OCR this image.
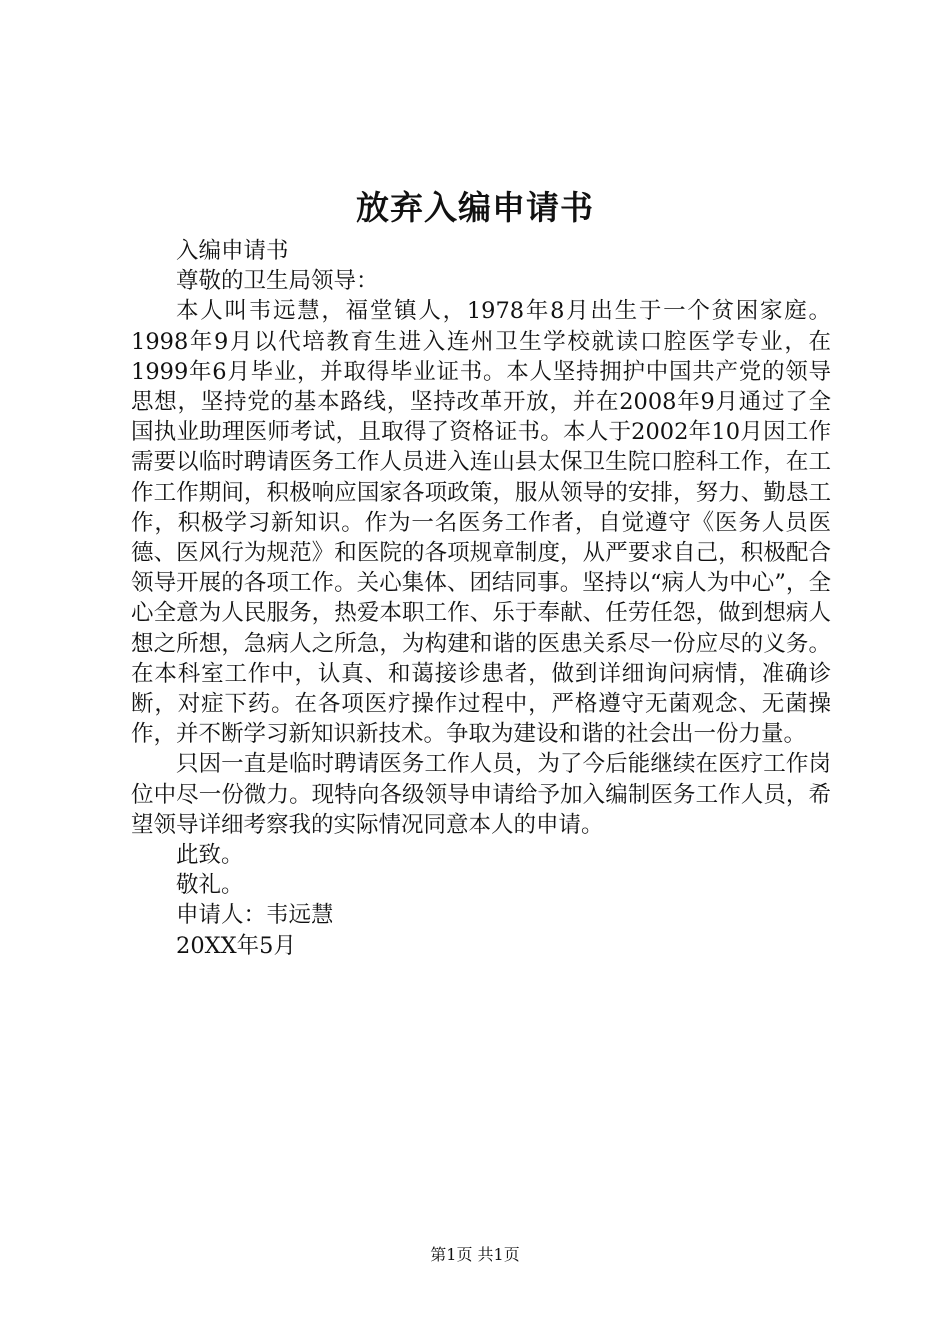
放弃入编申请书

入编申请书

尊敬的卫生局领导：

本人叫韦远慧，福堂镇人，1978年8月出生于一个贫困家庭。1998年9月以代培教育生进入连州卫生学校就读口腔医学专业，在1999年6月毕业，并取得毕业证书。本人坚持拥护中国共产党的领导思想，坚持党的基本路线，坚持改革开放，并在2008年9月通过了全国执业助理医师考试，且取得了资格证书。本人于2002年10月因工作需要以临时聘请医务工作人员进入连山县太保卫生院口腔科工作，在工作工作期间，积极响应国家各项政策，服从领导的安排，努力、勤恳工作，积极学习新知识。作为一名医务工作者，自觉遵守《医务人员医德、医风行为规范》和医院的各项规章制度，从严要求自己，积极配合领导开展的各项工作。关心集体、团结同事。坚持以“病人为中心”，全心全意为人民服务，热爱本职工作、乐于奉献、任劳任怨，做到想病人想之所想，急病人之所急，为构建和谐的医患关系尽一份应尽的义务。在本科室工作中，认真、和蔼接诊患者，做到详细询问病情，准确诊断，对症下药。在各项医疗操作过程中，严格遵守无菌观念、无菌操作，并不断学习新知识新技术。争取为建设和谐的社会出一份力量。

只因一直是临时聘请医务工作人员，为了今后能继续在医疗工作岗位中尽一份微力。现特向各级领导申请给予加入编制医务工作人员，希望领导详细考察我的实际情况同意本人的申请。

此致。

敬礼。

申请人：韦远慧

20XX年5月

第1页 共1页
